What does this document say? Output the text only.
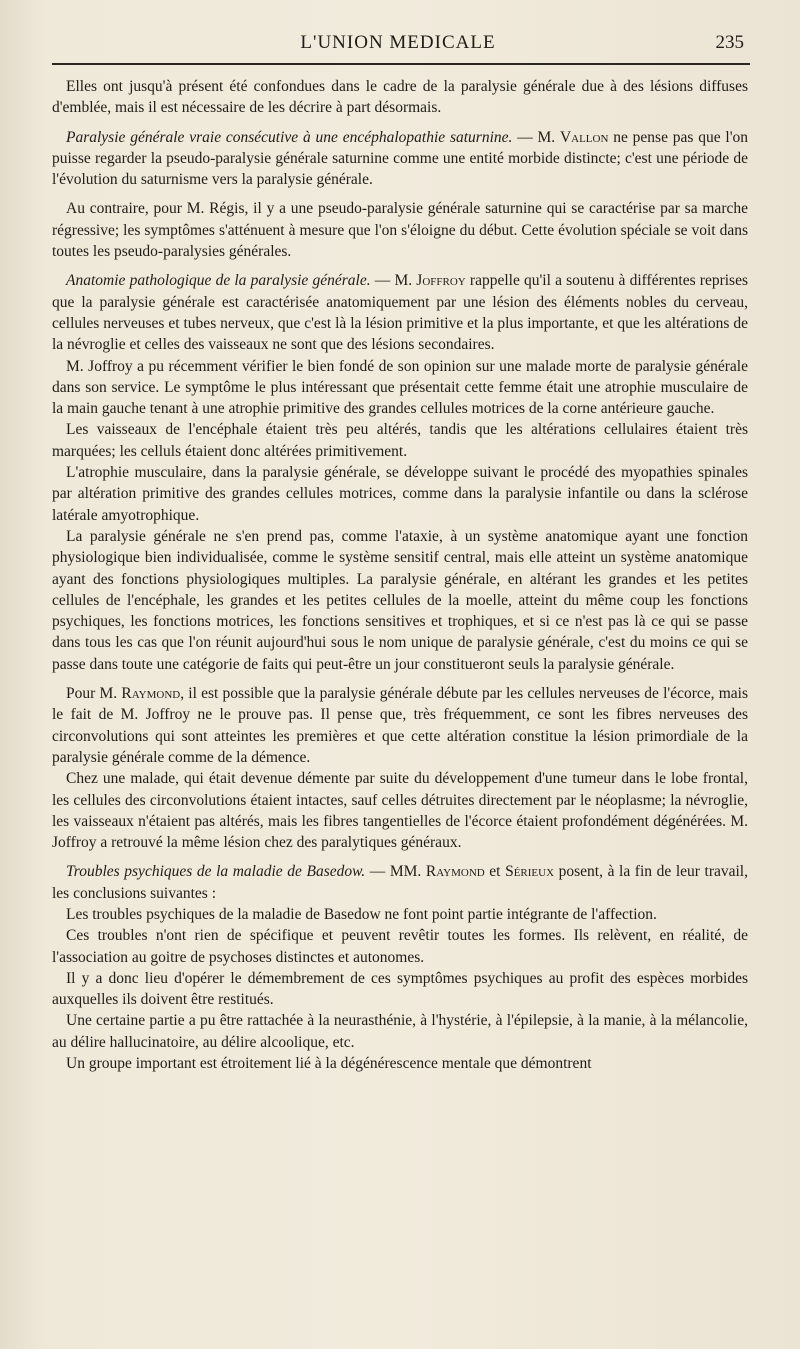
L'UNION MEDICALE	235

Elles ont jusqu'à présent été confondues dans le cadre de la paralysie générale due à des lésions diffuses d'emblée, mais il est nécessaire de les décrire à part désormais.

Paralysie générale vraie consécutive à une encéphalopathie saturnine. — M. Vallon ne pense pas que l'on puisse regarder la pseudo-paralysie générale saturnine comme une entité morbide distincte; c'est une période de l'évolution du saturnisme vers la paralysie générale.

Au contraire, pour M. Régis, il y a une pseudo-paralysie générale saturnine qui se caractérise par sa marche régressive; les symptômes s'atténuent à mesure que l'on s'éloigne du début. Cette évolution spéciale se voit dans toutes les pseudo-paralysies générales.

Anatomie pathologique de la paralysie générale. — M. Joffroy rappelle qu'il a soutenu à différentes reprises que la paralysie générale est caractérisée anatomiquement par une lésion des éléments nobles du cerveau, cellules nerveuses et tubes nerveux, que c'est là la lésion primitive et la plus importante, et que les altérations de la névroglie et celles des vaisseaux ne sont que des lésions secondaires.

M. Joffroy a pu récemment vérifier le bien fondé de son opinion sur une malade morte de paralysie générale dans son service. Le symptôme le plus intéressant que présentait cette femme était une atrophie musculaire de la main gauche tenant à une atrophie primitive des grandes cellules motrices de la corne antérieure gauche.

Les vaisseaux de l'encéphale étaient très peu altérés, tandis que les altérations cellulaires étaient très marquées; les celluls étaient donc altérées primitivement.

L'atrophie musculaire, dans la paralysie générale, se développe suivant le procédé des myopathies spinales par altération primitive des grandes cellules motrices, comme dans la paralysie infantile ou dans la sclérose latérale amyotrophique.

La paralysie générale ne s'en prend pas, comme l'ataxie, à un système anatomique ayant une fonction physiologique bien individualisée, comme le système sensitif central, mais elle atteint un système anatomique ayant des fonctions physiologiques multiples. La paralysie générale, en altérant les grandes et les petites cellules de l'encéphale, les grandes et les petites cellules de la moelle, atteint du même coup les fonctions psychiques, les fonctions motrices, les fonctions sensitives et trophiques, et si ce n'est pas là ce qui se passe dans tous les cas que l'on réunit aujourd'hui sous le nom unique de paralysie générale, c'est du moins ce qui se passe dans toute une catégorie de faits qui peut-être un jour constitueront seuls la paralysie générale.

Pour M. Raymond, il est possible que la paralysie générale débute par les cellules nerveuses de l'écorce, mais le fait de M. Joffroy ne le prouve pas. Il pense que, très fréquemment, ce sont les fibres nerveuses des circonvolutions qui sont atteintes les premières et que cette altération constitue la lésion primordiale de la paralysie générale comme de la démence.

Chez une malade, qui était devenue démente par suite du développement d'une tumeur dans le lobe frontal, les cellules des circonvolutions étaient intactes, sauf celles détruites directement par le néoplasme; la névroglie, les vaisseaux n'étaient pas altérés, mais les fibres tangentielles de l'écorce étaient profondément dégénérées. M. Joffroy a retrouvé la même lésion chez des paralytiques généraux.

Troubles psychiques de la maladie de Basedow. — MM. Raymond et Sérieux posent, à la fin de leur travail, les conclusions suivantes :

Les troubles psychiques de la maladie de Basedow ne font point partie intégrante de l'affection.

Ces troubles n'ont rien de spécifique et peuvent revêtir toutes les formes. Ils relèvent, en réalité, de l'association au goitre de psychoses distinctes et autonomes.

Il y a donc lieu d'opérer le démembrement de ces symptômes psychiques au profit des espèces morbides auxquelles ils doivent être restitués.

Une certaine partie a pu être rattachée à la neurasthénie, à l'hystérie, à l'épilepsie, à la manie, à la mélancolie, au délire hallucinatoire, au délire alcoolique, etc.

Un groupe important est étroitement lié à la dégénérescence mentale que démontrent
